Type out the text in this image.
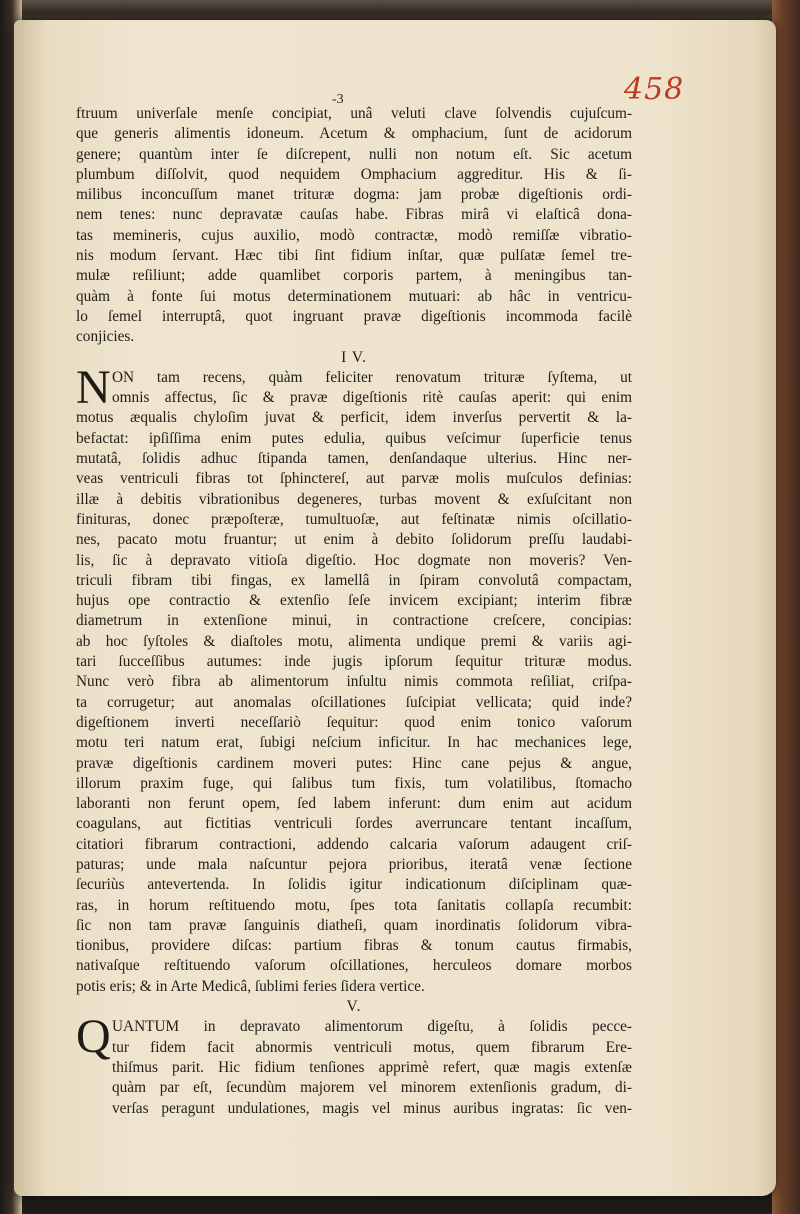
458
-3
ftruum univerſale menſe concipiat, unâ veluti clave ſolvendis cujuſcum-
que generis alimentis idoneum. Acetum & omphacium, ſunt de acidorum
genere; quantùm inter ſe diſcrepent, nulli non notum eſt. Sic acetum
plumbum diſſolvit, quod nequidem Omphacium aggreditur. His & ſi-
milibus inconcuſſum manet trituræ dogma: jam probæ digeſtionis ordi-
nem tenes: nunc depravatæ cauſas habe. Fibras mirâ vi elaſticâ dona-
tas memineris, cujus auxilio, modò contractæ, modò remiſſæ vibratio-
nis modum ſervant. Hæc tibi ſint fidium inſtar, quæ pulſatæ ſemel tre-
mulæ reſiliunt; adde quamlibet corporis partem, à meningibus tan-
quàm à fonte ſui motus determinationem mutuari: ab hâc in ventricu-
lo ſemel interruptâ, quot ingruant pravæ digeſtionis incommoda facilè
conjicies.
I V.
N ON tam recens, quàm feliciter renovatum trituræ ſyſtema, ut
omnis affectus, ſic & pravæ digeſtionis ritè cauſas aperit: qui enim
motus æqualis chyloſim juvat & perficit, idem inverſus pervertit & la-
befactat: ipſiſſima enim putes edulia, quibus veſcimur ſuperficie tenus
mutatâ, ſolidis adhuc ſtipanda tamen, denſandaque ulterius. Hinc ner-
veas ventriculi fibras tot ſphinctereſ, aut parvæ molis muſculos definias:
illæ à debitis vibrationibus degeneres, turbas movent & exſuſcitant non
finituras, donec præpoſteræ, tumultuoſæ, aut feſtinatæ nimis oſcillatio-
nes, pacato motu fruantur; ut enim à debito ſolidorum preſſu laudabi-
lis, ſic à depravato vitioſa digeſtio. Hoc dogmate non moveris? Ven-
triculi fibram tibi fingas, ex lamellâ in ſpiram convolutâ compactam,
hujus ope contractio & extenſio ſeſe invicem excipiant; interim fibræ
diametrum in extenſione minui, in contractione creſcere, concipias:
ab hoc ſyſtoles & diaſtoles motu, alimenta undique premi & variis agi-
tari ſucceſſibus autumes: inde jugis ipſorum ſequitur trituræ modus.
Nunc verò fibra ab alimentorum inſultu nimis commota reſiliat, criſpa-
ta corrugetur; aut anomalas oſcillationes ſuſcipiat vellicata; quid inde?
digeſtionem inverti neceſſariò ſequitur: quod enim tonico vaſorum
motu teri natum erat, ſubigi neſcium inficitur. In hac mechanices lege,
pravæ digeſtionis cardinem moveri putes: Hinc cane pejus & angue,
illorum praxim fuge, qui ſalibus tum fixis, tum volatilibus, ſtomacho
laboranti non ferunt opem, ſed labem inferunt: dum enim aut acidum
coagulans, aut fictitias ventriculi ſordes averruncare tentant incaſſum,
citatiori fibrarum contractioni, addendo calcaria vaſorum adaugent criſ-
paturas; unde mala naſcuntur pejora prioribus, iteratâ venæ ſectione
ſecuriùs antevertenda. In ſolidis igitur indicationum diſciplinam quæ-
ras, in horum reſtituendo motu, ſpes tota ſanitatis collapſa recumbit:
ſic non tam pravæ ſanguinis diatheſi, quam inordinatis ſolidorum vibra-
tionibus, providere diſcas: partium fibras & tonum cautus firmabis,
nativaſque reſtituendo vaſorum oſcillationes, herculeos domare morbos
potis eris; & in Arte Medicâ, ſublimi feries ſidera vertice.
V.
Q UANTUM in depravato alimentorum digeſtu, à ſolidis pecce-
tur fidem facit abnormis ventriculi motus, quem fibrarum Ere-
thiſmus parit. Hic fidium tenſiones apprimè refert, quæ magis extenſæ
quàm par eſt, ſecundùm majorem vel minorem extenſionis gradum, di-
verſas peragunt undulationes, magis vel minus auribus ingratas: ſic ven-
